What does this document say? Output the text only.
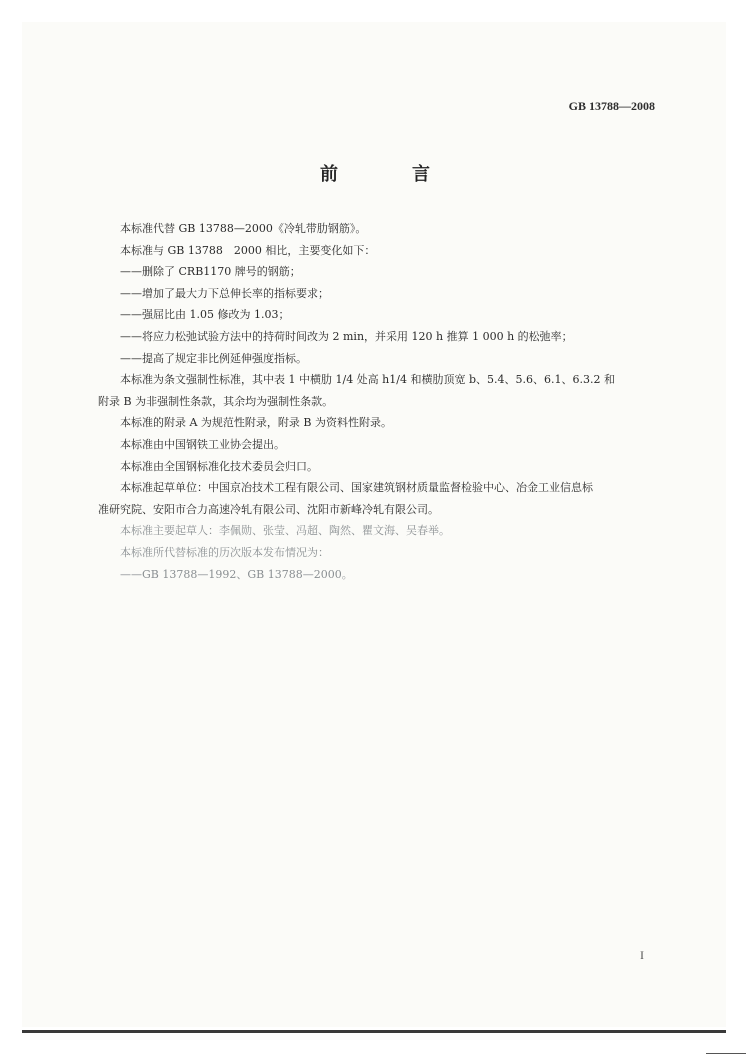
GB 13788—2008
前　言
本标准代替 GB 13788—2000《冷轧带肋钢筋》。
本标准与 GB 13788　2000 相比，主要变化如下：
——删除了 CRB1170 牌号的钢筋；
——增加了最大力下总伸长率的指标要求；
——强屈比由 1.05 修改为 1.03；
——将应力松弛试验方法中的持荷时间改为 2 min，并采用 120 h 推算 1 000 h 的松弛率；
——提高了规定非比例延伸强度指标。
本标准为条文强制性标准，其中表 1 中横肋 1/4 处高 h1/4 和横肋顶宽 b、5.4、5.6、6.1、6.3.2 和
附录 B 为非强制性条款，其余均为强制性条款。
本标准的附录 A 为规范性附录，附录 B 为资料性附录。
本标准由中国钢铁工业协会提出。
本标准由全国钢标准化技术委员会归口。
本标准起草单位：中国京冶技术工程有限公司、国家建筑钢材质量监督检验中心、冶金工业信息标
准研究院、安阳市合力高速冷轧有限公司、沈阳市新峰冷轧有限公司。
本标准主要起草人：李佩勋、张莹、冯超、陶然、瞿文海、吴春举。
本标准所代替标准的历次版本发布情况为：
——GB 13788—1992、GB 13788—2000。
I
